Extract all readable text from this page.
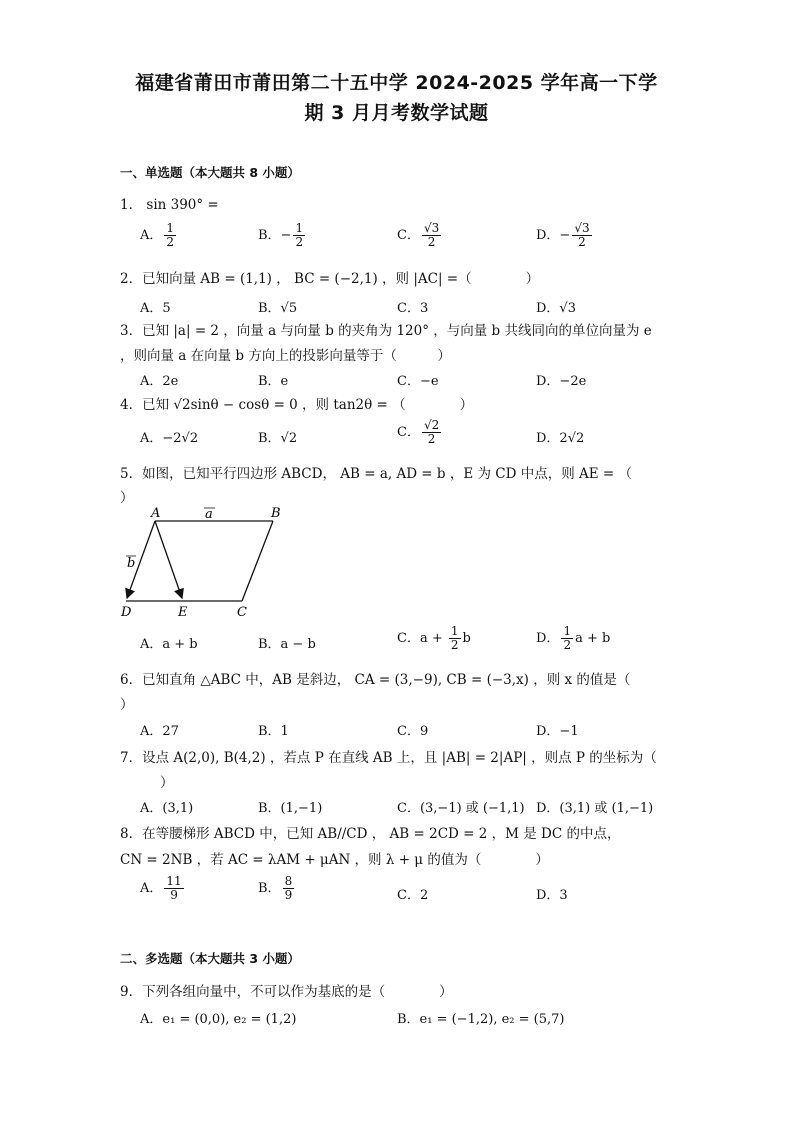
福建省莆田市莆田第二十五中学 2024-2025 学年高一下学
期 3 月月考数学试题
一、单选题（本大题共 8 小题）
1． sin 390° =
A． $\frac{1}{2}$	B．− $\frac{1}{2}$	C． $\frac{√3}{2}$	D．− $\frac{√3}{2}$
2．已知向量 AB = (1,1) ， BC = (−2,1) ，则 |AC| =（　　　　）
A．5	B．√5	C．3	D．√3
3．已知 |a| = 2 ，向量 a 与向量 b 的夹角为 120° ，与向量 b 共线同向的单位向量为 e
，则向量 a 在向量 b 方向上的投影向量等于（　　　）
A．2e	B．e	C．−e	D．−2e
4．已知 √2sinθ − cosθ = 0 ，则 tan2θ = （　　　　）
A．−2√2	B．√2	C． $\frac{√2}{2}$	D．2√2
5．如图，已知平行四边形 ABCD， AB = a, AD = b ，E 为 CD 中点，则 AE = （
）
A	B
C
D	E
a
b
A．a + b	B．a − b	C．$a + \frac{1}{2}$ b	D． $\frac{1}{2}$ a + b
6．已知直角 △ABC 中，AB 是斜边， CA = (3,−9), CB = (−3,x) ，则 x 的值是（
）
A．27	B．1	C．9	D．−1
7．设点 A(2,0), B(4,2) ，若点 P 在直线 AB 上，且 |AB| = 2|AP| ，则点 P 的坐标为（
）
A．(3,1)	B．(1,−1)	C．(3,−1) 或 (−1,1) D．(3,1) 或 (1,−1)
8．在等腰梯形 ABCD 中，已知 AB//CD ， AB = 2CD = 2 ，M 是 DC 的中点，
CN = 2NB ，若 AC = λAM + μAN ，则 λ + μ 的值为（　　　　）
A． $\frac{11}{9}$	B． $\frac{8}{9}$	C．2	D．3
二、多选题（本大题共 3 小题）
9．下列各组向量中，不可以作为基底的是（　　　　）
A．e₁ = (0,0), e₂ = (1,2)	B．e₁ = (−1,2), e₂ = (5,7)
